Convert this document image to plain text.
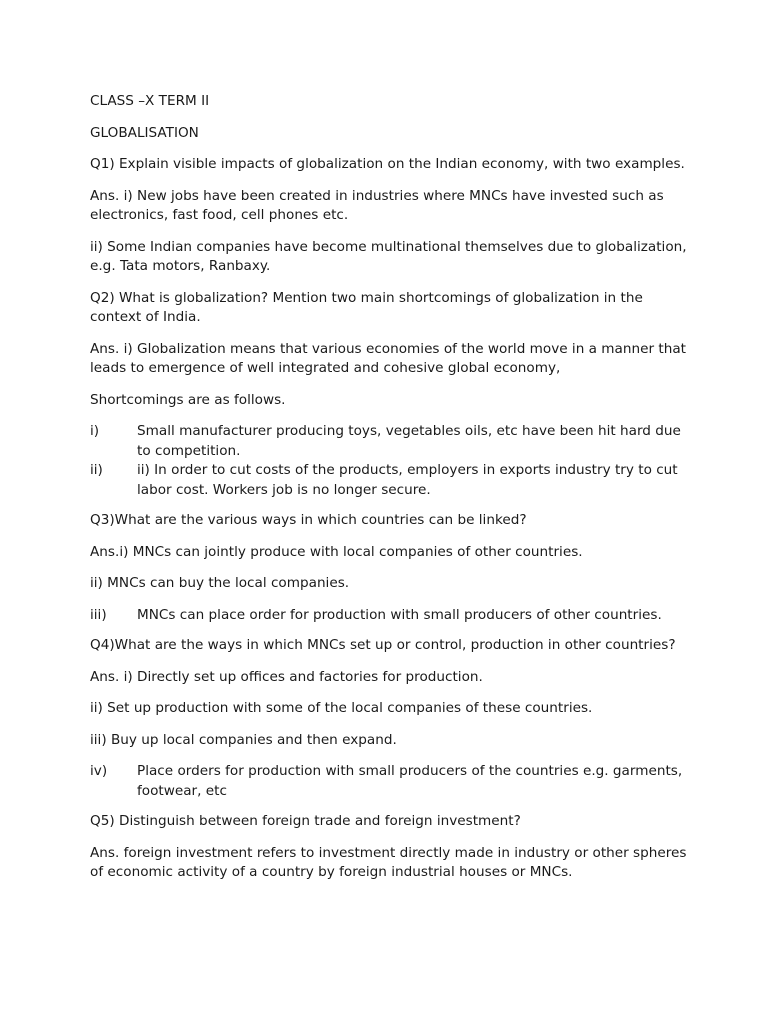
CLASS –X TERM II

GLOBALISATION

Q1) Explain visible impacts of globalization on the Indian economy, with two examples.

Ans. i) New jobs have been created in industries where MNCs have invested such as electronics, fast food, cell phones etc.

ii) Some Indian companies have become multinational themselves due to globalization, e.g. Tata motors, Ranbaxy.

Q2) What is globalization? Mention two main shortcomings of globalization in the context of India.

Ans. i) Globalization means that various economies of the world move in a manner that leads to emergence of well integrated and cohesive global economy,

Shortcomings are as follows.

i)	Small manufacturer producing toys, vegetables oils, etc have been hit hard due to competition.
ii)	ii) In order to cut costs of the products, employers in exports industry try to cut labor cost. Workers job is no longer secure.

Q3)What are the various ways in which countries can be linked?

Ans.i) MNCs can jointly produce with local companies of other countries.

ii) MNCs can buy the local companies.

iii)	MNCs can place order for production with small producers of other countries.

Q4)What are the ways in which MNCs set up or control, production in other countries?

Ans. i) Directly set up offices and factories for production.

ii) Set up production with some of the local companies of these countries.

iii) Buy up local companies and then expand.

iv)	Place orders for production with small producers of the countries e.g. garments, footwear, etc

Q5) Distinguish between foreign trade and foreign investment?

Ans. foreign investment refers to investment directly made in industry or other spheres of economic activity of a country by foreign industrial houses or MNCs.
